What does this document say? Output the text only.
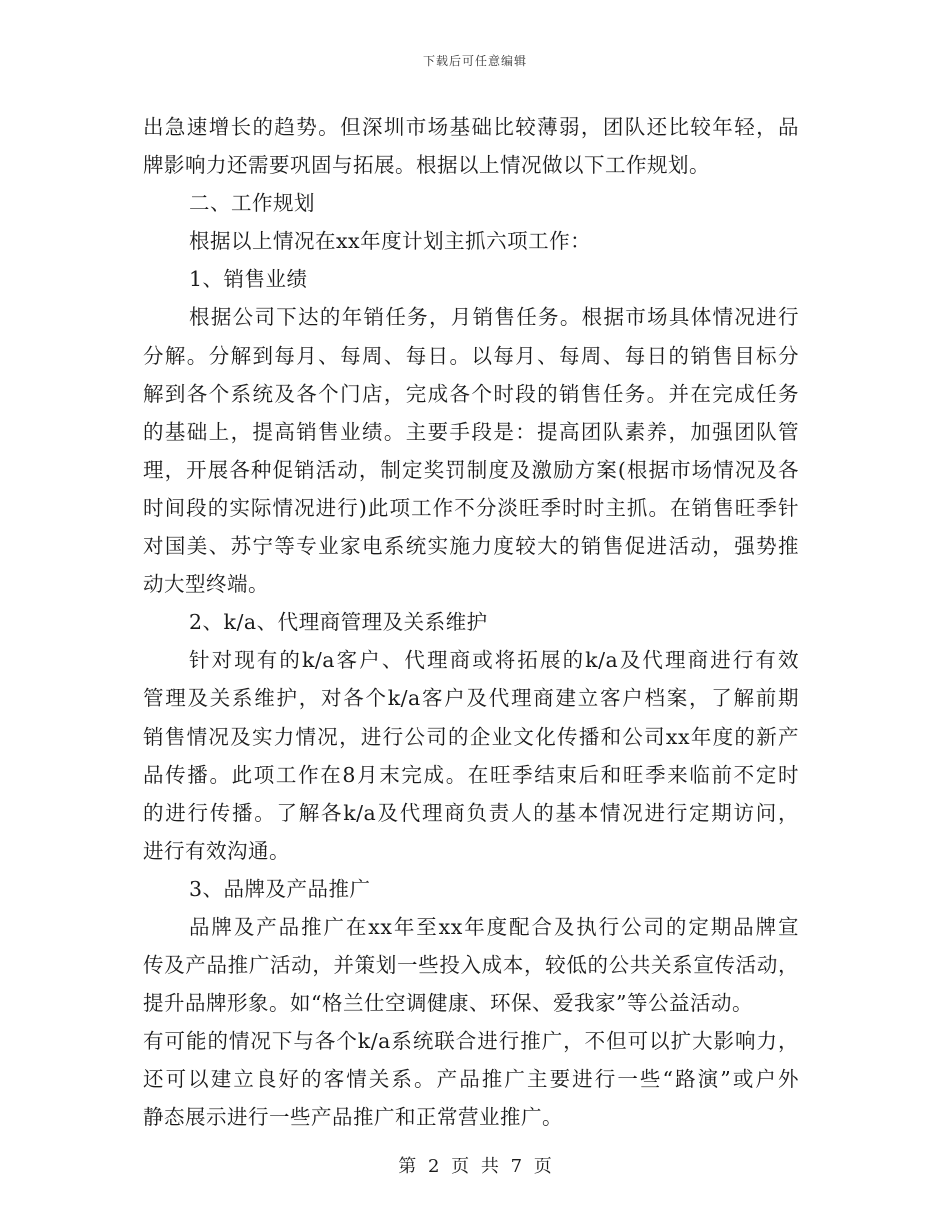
下载后可任意编辑
出急速增长的趋势。但深圳市场基础比较薄弱，团队还比较年轻，品
牌影响力还需要巩固与拓展。根据以上情况做以下工作规划。
二、工作规划
根据以上情况在xx年度计划主抓六项工作：
1、销售业绩
根据公司下达的年销任务，月销售任务。根据市场具体情况进行
分解。分解到每月、每周、每日。以每月、每周、每日的销售目标分
解到各个系统及各个门店，完成各个时段的销售任务。并在完成任务
的基础上，提高销售业绩。主要手段是：提高团队素养，加强团队管
理，开展各种促销活动，制定奖罚制度及激励方案(根据市场情况及各
时间段的实际情况进行)此项工作不分淡旺季时时主抓。在销售旺季针
对国美、苏宁等专业家电系统实施力度较大的销售促进活动，强势推
动大型终端。
2、k/a、代理商管理及关系维护
针对现有的k/a客户、代理商或将拓展的k/a及代理商进行有效
管理及关系维护，对各个k/a客户及代理商建立客户档案，了解前期
销售情况及实力情况，进行公司的企业文化传播和公司xx年度的新产
品传播。此项工作在8月末完成。在旺季结束后和旺季来临前不定时
的进行传播。了解各k/a及代理商负责人的基本情况进行定期访问，
进行有效沟通。
3、品牌及产品推广
品牌及产品推广在xx年至xx年度配合及执行公司的定期品牌宣
传及产品推广活动，并策划一些投入成本，较低的公共关系宣传活动，
提升品牌形象。如“格兰仕空调健康、环保、爱我家”等公益活动。
有可能的情况下与各个k/a系统联合进行推广，不但可以扩大影响力，
还可以建立良好的客情关系。产品推广主要进行一些“路演”或户外
静态展示进行一些产品推广和正常营业推广。
第 2 页 共 7 页
